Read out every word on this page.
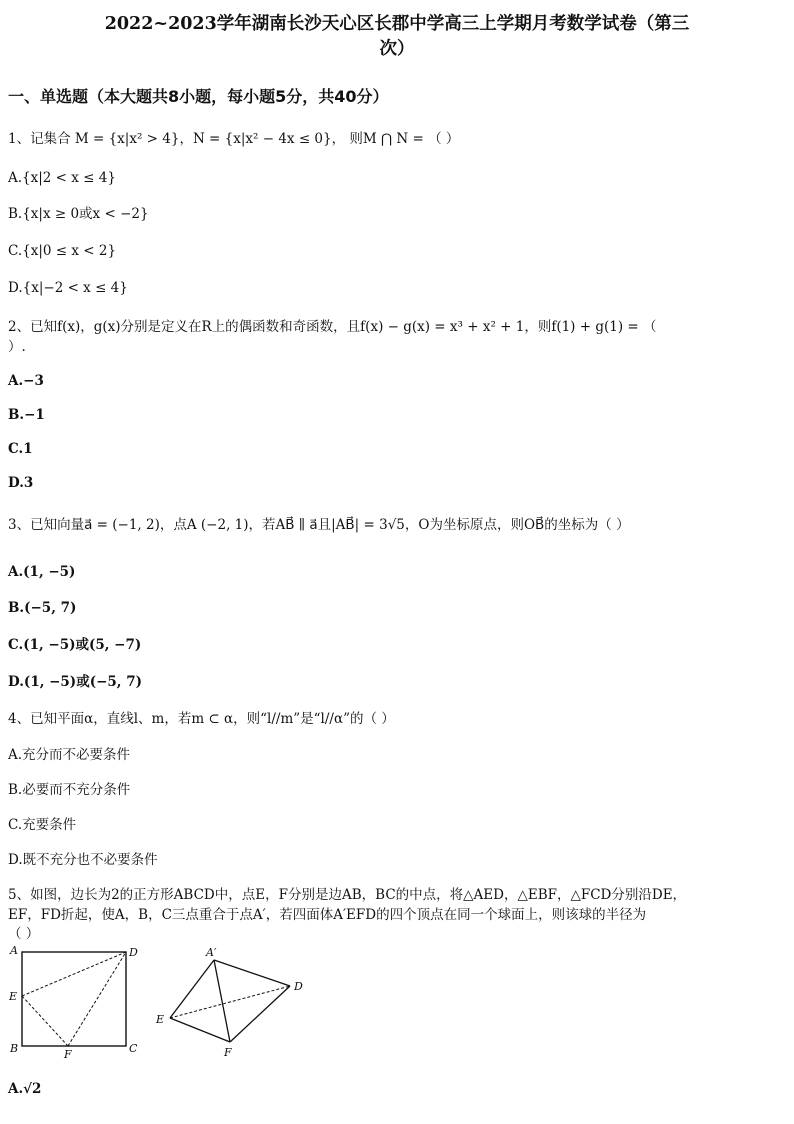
2022~2023学年湖南长沙天心区长郡中学高三上学期月考数学试卷（第三
次）
一、单选题（本大题共8小题，每小题5分，共40分）
1、记集合 M = {x|x² > 4}，N = {x|x² − 4x ≤ 0}， 则M ⋂ N = （ ）
A.{x|2 < x ≤ 4}
B.{x|x ≥ 0或x < −2}
C.{x|0 ≤ x < 2}
D.{x|−2 < x ≤ 4}
2、已知f(x)，g(x)分别是定义在R上的偶函数和奇函数，且f(x) − g(x) = x³ + x² + 1，则f(1) + g(1) = （
）.
A.−3
B.−1
C.1
D.3
3、已知向量a⃗ = (−1, 2)，点A (−2, 1)，若AB⃗ ∥ a⃗且|AB⃗| = 3√5，O为坐标原点，则OB⃗的坐标为（ ）
A.(1, −5)
B.(−5, 7)
C.(1, −5)或(5, −7)
D.(1, −5)或(−5, 7)
4、已知平面α，直线l、m，若m ⊂ α，则“l//m”是“l//α”的（ ）
A.充分而不必要条件
B.必要而不充分条件
C.充要条件
D.既不充分也不必要条件
5、如图，边长为2的正方形ABCD中，点E，F分别是边AB，BC的中点，将△AED，△EBF，△FCD分别沿DE，
EF，FD折起，使A，B，C三点重合于点A′，若四面体A′EFD的四个顶点在同一个球面上，则该球的半径为
（ ）
A	D
E
B	F	C
A′
D
E
F
A.√2
